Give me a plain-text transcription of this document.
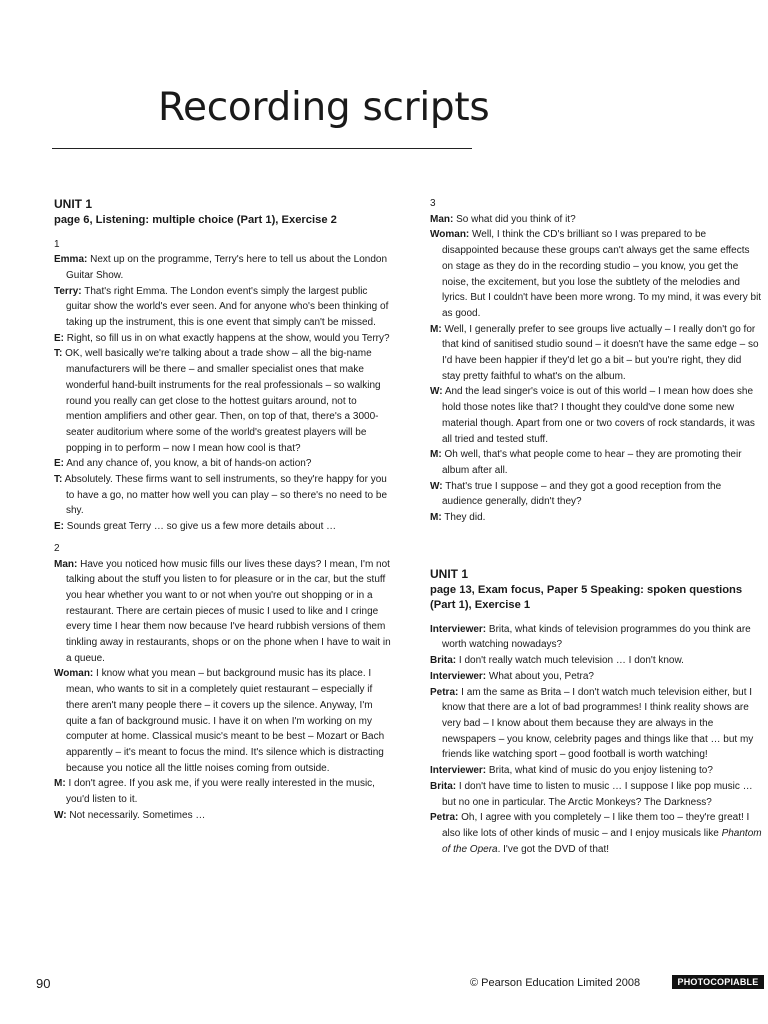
Recording scripts
UNIT 1
page 6, Listening: multiple choice (Part 1), Exercise 2

1

Emma: Next up on the programme, Terry's here to tell us about the London Guitar Show.

Terry: That's right Emma. The London event's simply the largest public guitar show the world's ever seen. And for anyone who's been thinking of taking up the instrument, this is one event that simply can't be missed.

E: Right, so fill us in on what exactly happens at the show, would you Terry?

T: OK, well basically we're talking about a trade show – all the big-name manufacturers will be there – and smaller specialist ones that make wonderful hand-built instruments for the real professionals – so walking round you really can get close to the hottest guitars around, not to mention amplifiers and other gear. Then, on top of that, there's a 3000-seater auditorium where some of the world's greatest players will be popping in to perform – now I mean how cool is that?

E: And any chance of, you know, a bit of hands-on action?

T: Absolutely. These firms want to sell instruments, so they're happy for you to have a go, no matter how well you can play – so there's no need to be shy.

E: Sounds great Terry … so give us a few more details about …

2

Man: Have you noticed how music fills our lives these days? I mean, I'm not talking about the stuff you listen to for pleasure or in the car, but the stuff you hear whether you want to or not when you're out shopping or in a restaurant. There are certain pieces of music I used to like and I cringe every time I hear them now because I've heard rubbish versions of them tinkling away in restaurants, shops or on the phone when I have to wait in a queue.

Woman: I know what you mean – but background music has its place. I mean, who wants to sit in a completely quiet restaurant – especially if there aren't many people there – it covers up the silence. Anyway, I'm quite a fan of background music. I have it on when I'm working on my computer at home. Classical music's meant to be best – Mozart or Bach apparently – it's meant to focus the mind. It's silence which is distracting because you notice all the little noises coming from outside.

M: I don't agree. If you ask me, if you were really interested in the music, you'd listen to it.

W: Not necessarily. Sometimes …

3

Man: So what did you think of it?

Woman: Well, I think the CD's brilliant so I was prepared to be disappointed because these groups can't always get the same effects on stage as they do in the recording studio – you know, you get the noise, the excitement, but you lose the subtlety of the melodies and lyrics. But I couldn't have been more wrong. To my mind, it was every bit as good.

M: Well, I generally prefer to see groups live actually – I really don't go for that kind of sanitised studio sound – it doesn't have the same edge – so I'd have been happier if they'd let go a bit – but you're right, they did stay pretty faithful to what's on the album.

W: And the lead singer's voice is out of this world – I mean how does she hold those notes like that? I thought they could've done some new material though. Apart from one or two covers of rock standards, it was all tried and tested stuff.

M: Oh well, that's what people come to hear – they are promoting their album after all.

W: That's true I suppose – and they got a good reception from the audience generally, didn't they?

M: They did.

UNIT 1
page 13, Exam focus, Paper 5 Speaking: spoken questions (Part 1), Exercise 1

Interviewer: Brita, what kinds of television programmes do you think are worth watching nowadays?

Brita: I don't really watch much television … I don't know.

Interviewer: What about you, Petra?

Petra: I am the same as Brita – I don't watch much television either, but I know that there are a lot of bad programmes! I think reality shows are very bad – I know about them because they are always in the newspapers – you know, celebrity pages and things like that … but my friends like watching sport – good football is worth watching!

Interviewer: Brita, what kind of music do you enjoy listening to?

Brita: I don't have time to listen to music … I suppose I like pop music … but no one in particular. The Arctic Monkeys? The Darkness?

Petra: Oh, I agree with you completely – I like them too – they're great! I also like lots of other kinds of music – and I enjoy musicals like Phantom of the Opera. I've got the DVD of that!

90	© Pearson Education Limited 2008	PHOTOCOPIABLE
